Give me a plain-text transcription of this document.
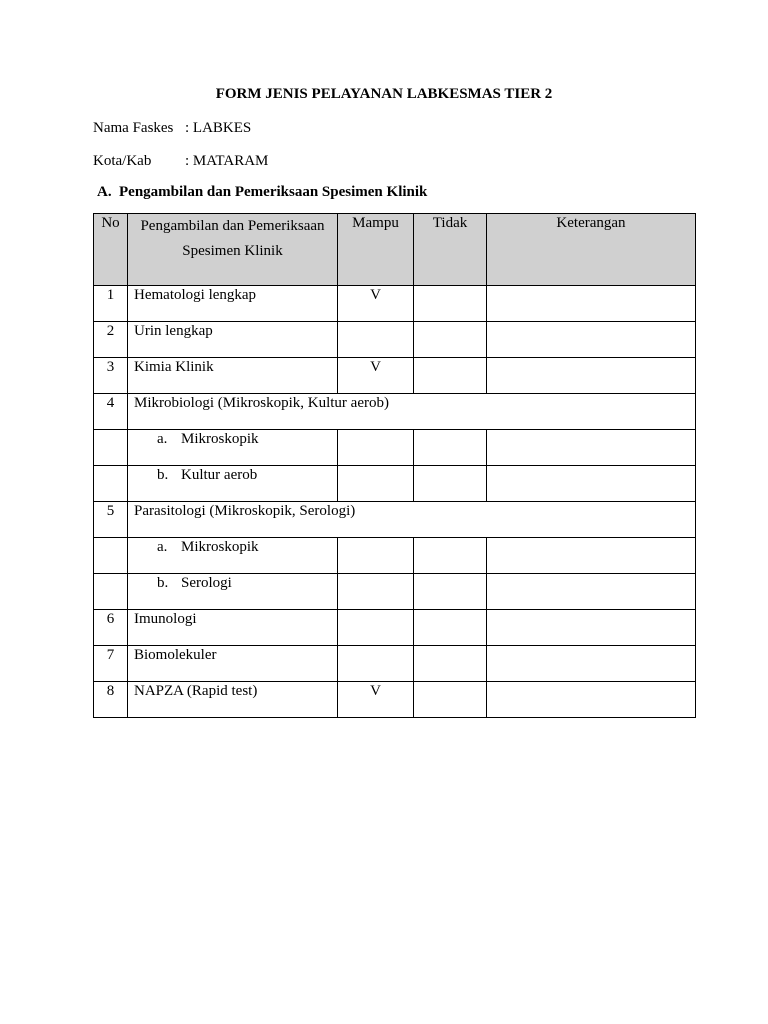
FORM JENIS PELAYANAN LABKESMAS TIER 2
Nama Faskes : LABKES
Kota/Kab : MATARAM
A. Pengambilan dan Pemeriksaan Spesimen Klinik
No	Pengambilan dan Pemeriksaan Spesimen Klinik	Mampu	Tidak	Keterangan
1	Hematologi lengkap	V		
2	Urin lengkap			
3	Kimia Klinik	V		
4	Mikrobiologi (Mikroskopik, Kultur aerob)			
	a. Mikroskopik			
	b. Kultur aerob			
5	Parasitologi (Mikroskopik, Serologi)			
	a. Mikroskopik			
	b. Serologi			
6	Imunologi			
7	Biomolekuler			
8	NAPZA (Rapid test)	V		
